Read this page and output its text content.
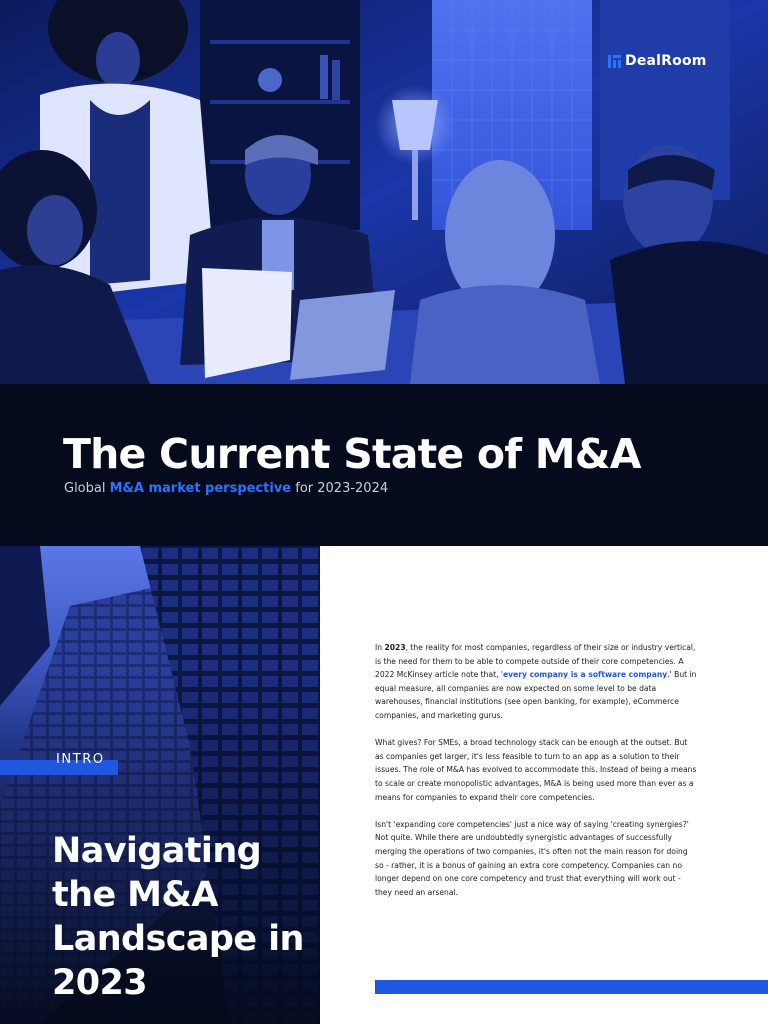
DealRoom
The Current State of M&A
Global M&A market perspective for 2023-2024
INTRO
Navigating the M&A Landscape in 2023

In 2023, the reality for most companies, regardless of their size or industry vertical, is the need for them to be able to compete outside of their core competencies. A 2022 McKinsey article note that, 'every company is a software company.' But in equal measure, all companies are now expected on some level to be data warehouses, financial institutions (see open banking, for example), eCommerce companies, and marketing gurus.

What gives? For SMEs, a broad technology stack can be enough at the outset. But as companies get larger, it's less feasible to turn to an app as a solution to their issues. The role of M&A has evolved to accommodate this. Instead of being a means to scale or create monopolistic advantages, M&A is being used more than ever as a means for companies to expand their core competencies.

Isn't 'expanding core competencies' just a nice way of saying 'creating synergies?' Not quite. While there are undoubtedly synergistic advantages of successfully merging the operations of two companies, it's often not the main reason for doing so - rather, it is a bonus of gaining an extra core competency. Companies can no longer depend on one core competency and trust that everything will work out - they need an arsenal.
